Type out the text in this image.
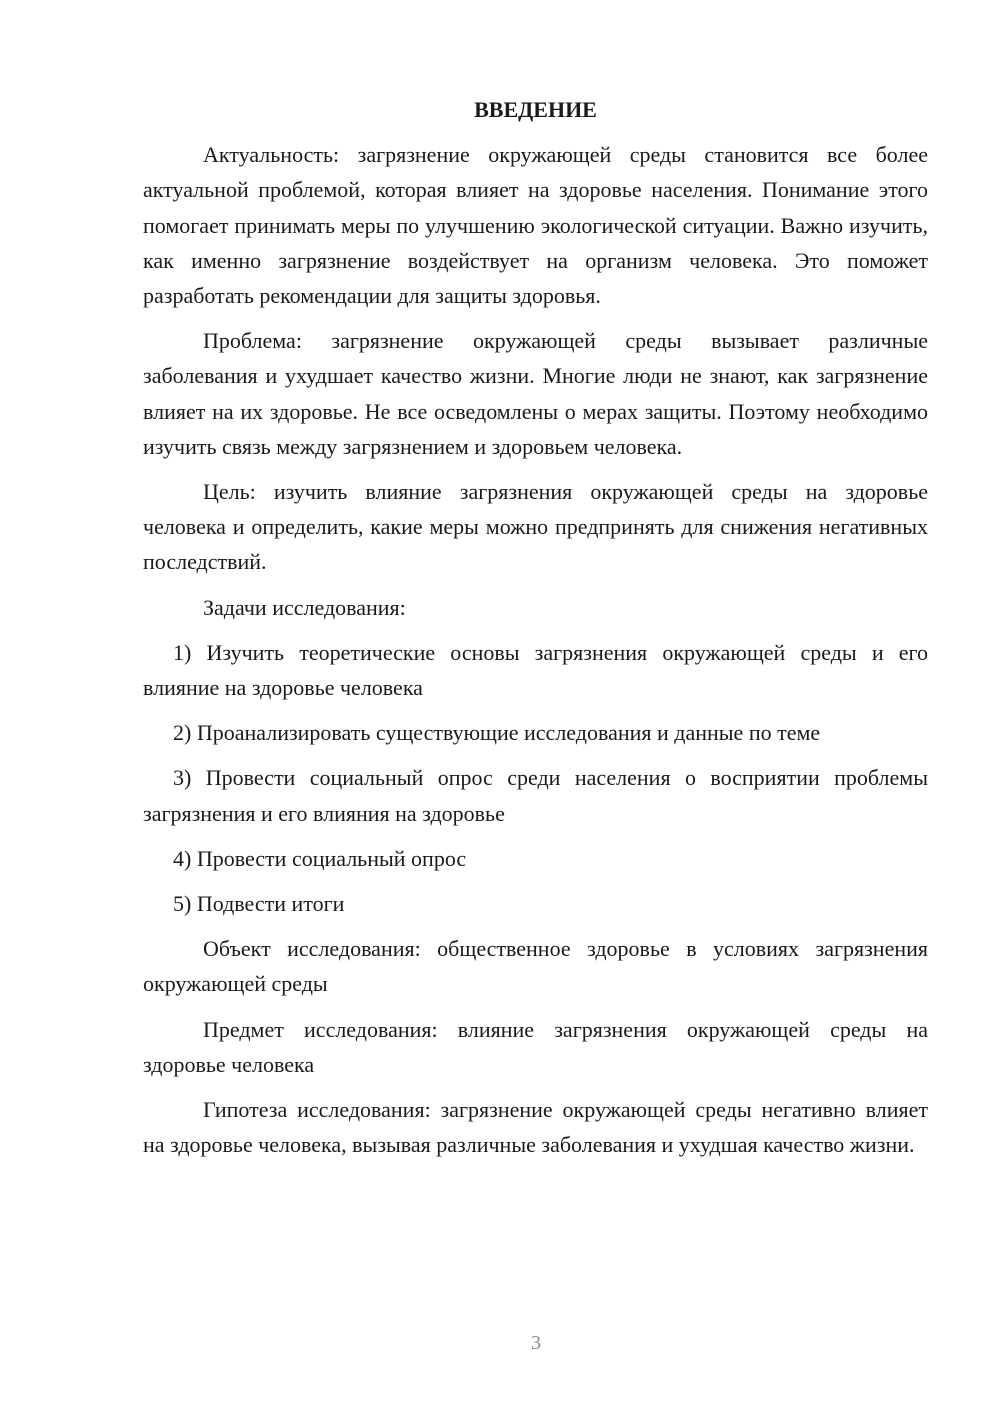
ВВЕДЕНИЕ

Актуальность: загрязнение окружающей среды становится все более актуальной проблемой, которая влияет на здоровье населения. Понимание этого помогает принимать меры по улучшению экологической ситуации. Важно изучить, как именно загрязнение воздействует на организм человека. Это поможет разработать рекомендации для защиты здоровья.

Проблема: загрязнение окружающей среды вызывает различные заболевания и ухудшает качество жизни. Многие люди не знают, как загрязнение влияет на их здоровье. Не все осведомлены о мерах защиты. Поэтому необходимо изучить связь между загрязнением и здоровьем человека.

Цель: изучить влияние загрязнения окружающей среды на здоровье человека и определить, какие меры можно предпринять для снижения негативных последствий.

Задачи исследования:

1) Изучить теоретические основы загрязнения окружающей среды и его влияние на здоровье человека

2) Проанализировать существующие исследования и данные по теме

3) Провести социальный опрос среди населения о восприятии проблемы загрязнения и его влияния на здоровье

4) Провести социальный опрос

5) Подвести итоги

Объект исследования: общественное здоровье в условиях загрязнения окружающей среды

Предмет исследования: влияние загрязнения окружающей среды на здоровье человека

Гипотеза исследования: загрязнение окружающей среды негативно влияет на здоровье человека, вызывая различные заболевания и ухудшая качество жизни.

3
